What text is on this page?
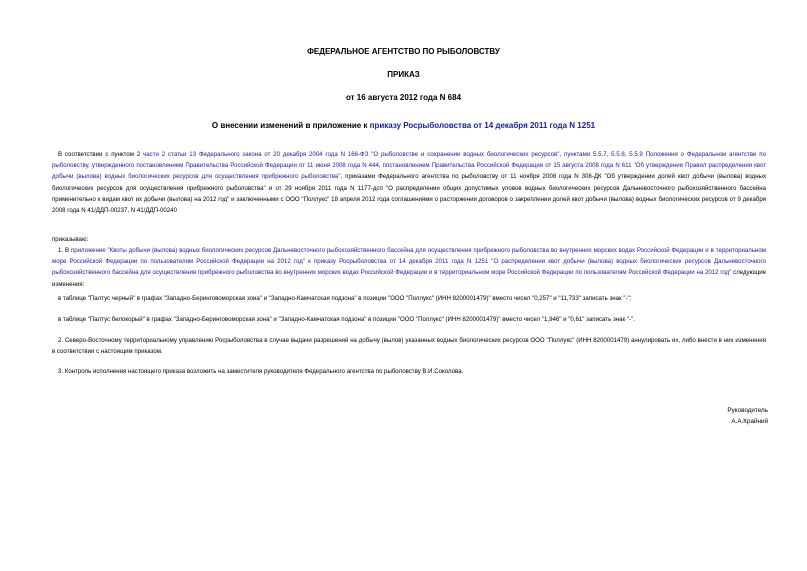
ФЕДЕРАЛЬНОЕ АГЕНТСТВО ПО РЫБОЛОВСТВУ
ПРИКАЗ
от 16 августа 2012 года N 684
О внесении изменений в приложение к приказу Росрыболовства от 14 декабря 2011 года N 1251
В соответствии с пунктом 2 части 2 статьи 13 Федерального закона от 20 декабря 2004 года N 166-ФЗ "О рыболовстве и сохранении водных биологических ресурсов", пунктами 5.5.7, 5.5.8, 5.5.9 Положения о Федеральном агентстве по рыболовству, утвержденного постановлением Правительства Российской Федерации от 11 июня 2008 года N 444, постановлением Правительства Российской Федерации от 15 августа 2008 года N 611 "Об утверждении Правил распределения квот добычи (вылова) водных биологических ресурсов для осуществления прибрежного рыболовства", приказами Федерального агентства по рыболовству от 11 ноября 2008 года N 308-ДК "Об утверждении долей квот добычи (вылова) водных биологических ресурсов для осуществления прибрежного рыболовства" и от 29 ноября 2011 года N 1177-дсп "О распределении общих допустимых уловов водных биологических ресурсов Дальневосточного рыбохозяйственного бассейна применительно к видам квот их добычи (вылова) на 2012 год" и заключенными с ООО "Поллукс" 18 апреля 2012 года соглашениями о расторжении договоров о закреплении долей квот добычи (вылова) водных биологических ресурсов от 9 декабря 2008 года N 41/ДДП-00237, N 41/ДДП-00240
приказываю:
1. В приложение "Квоты добычи (вылова) водных биологических ресурсов Дальневосточного рыбохозяйственного бассейна для осуществления прибрежного рыболовства во внутренних морских водах Российской Федерации и в территориальном море Российской Федерации по пользователям Российской Федерации на 2012 год" к приказу Росрыболовства от 14 декабря 2011 года N 1251 "О распределении квот добычи (вылова) водных биологических ресурсов Дальневосточного рыбохозяйственного бассейна для осуществления прибрежного рыболовства во внутренних морских водах Российской Федерации и в территориальном море Российской Федерации по пользователям Российской Федерации на 2012 год" следующие изменения:
в таблице "Палтус черный" в графах "Западно-Беринговоморская зона" и "Западно-Камчатская подзона" в позиции "ООО "Поллукс" (ИНН 8200001479)" вместо чисел "0,257" и "11,733" записать знак "-";
в таблице "Палтус белокорый" в графах "Западно-Беринговоморская зона" и "Западно-Камчатская подзона" в позиции "ООО "Поллукс" (ИНН 8200001479)" вместо чисел "1,946" и "0,61" записать знак "-".
2. Северо-Восточному территориальному управлению Росрыболовства в случае выдачи разрешений на добычу (вылов) указанных водных биологических ресурсов ООО "Поллукс" (ИНН 8200001479) аннулировать их, либо внести в них изменения в соответствии с настоящим приказом.
3. Контроль исполнения настоящего приказа возложить на заместителя руководителя Федерального агентства по рыболовству В.И.Соколова.
Руководитель
А.А.Крайний
